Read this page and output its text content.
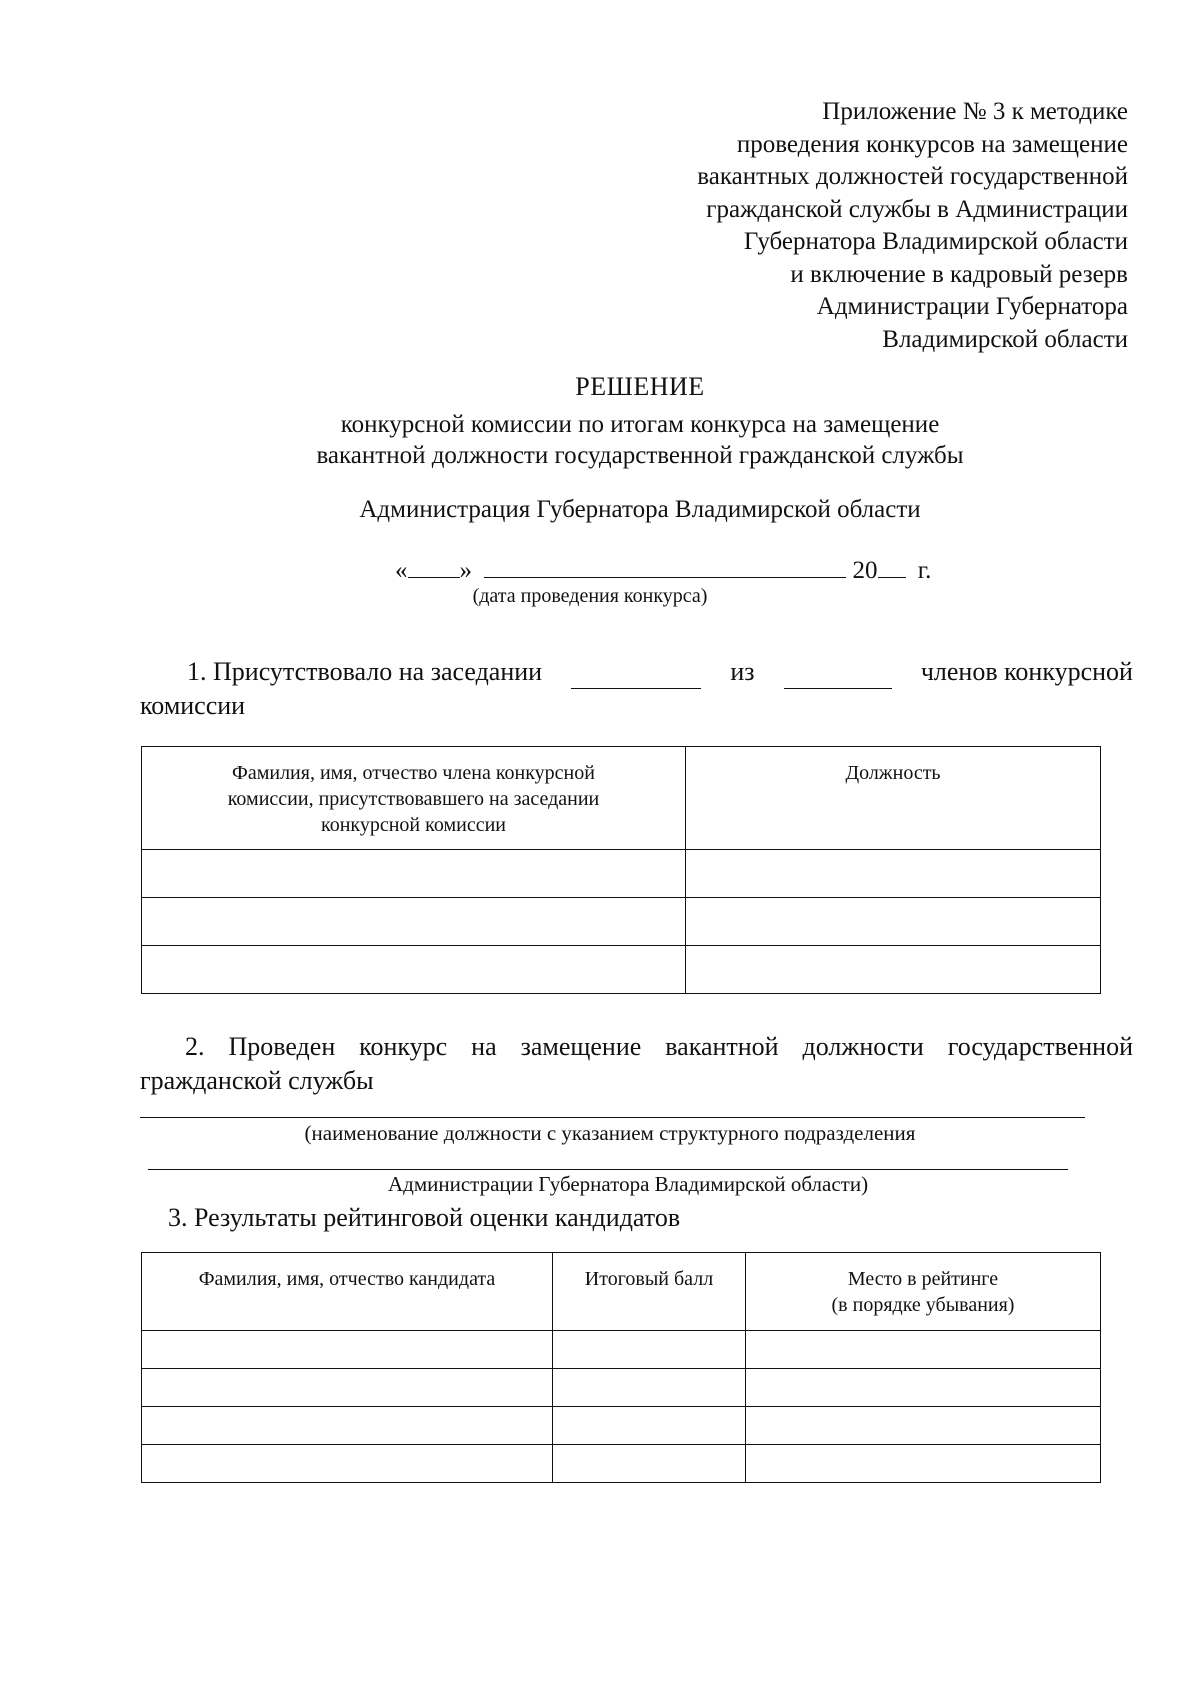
Приложение № 3 к методике
проведения конкурсов на замещение
вакантных должностей государственной
гражданской службы в Администрации
Губернатора Владимирской области
и включение в кадровый резерв
Администрации Губернатора
Владимирской области
РЕШЕНИЕ
конкурсной комиссии по итогам конкурса на замещение
вакантной должности государственной гражданской службы
Администрация Губернатора Владимирской области
« »	20 г.
(дата проведения конкурса)
1. Присутствовало на заседании	из	членов конкурсной
комиссии
Фамилия, имя, отчество члена конкурсной
комиссии, присутствовавшего на заседании
конкурсной комиссии	Должность

2. Проведен конкурс на замещение вакантной должности государственной
гражданской службы
(наименование должности с указанием структурного подразделения
Администрации Губернатора Владимирской области)
3. Результаты рейтинговой оценки кандидатов
Фамилия, имя, отчество кандидата	Итоговый балл	Место в рейтинге
(в порядке убывания)
